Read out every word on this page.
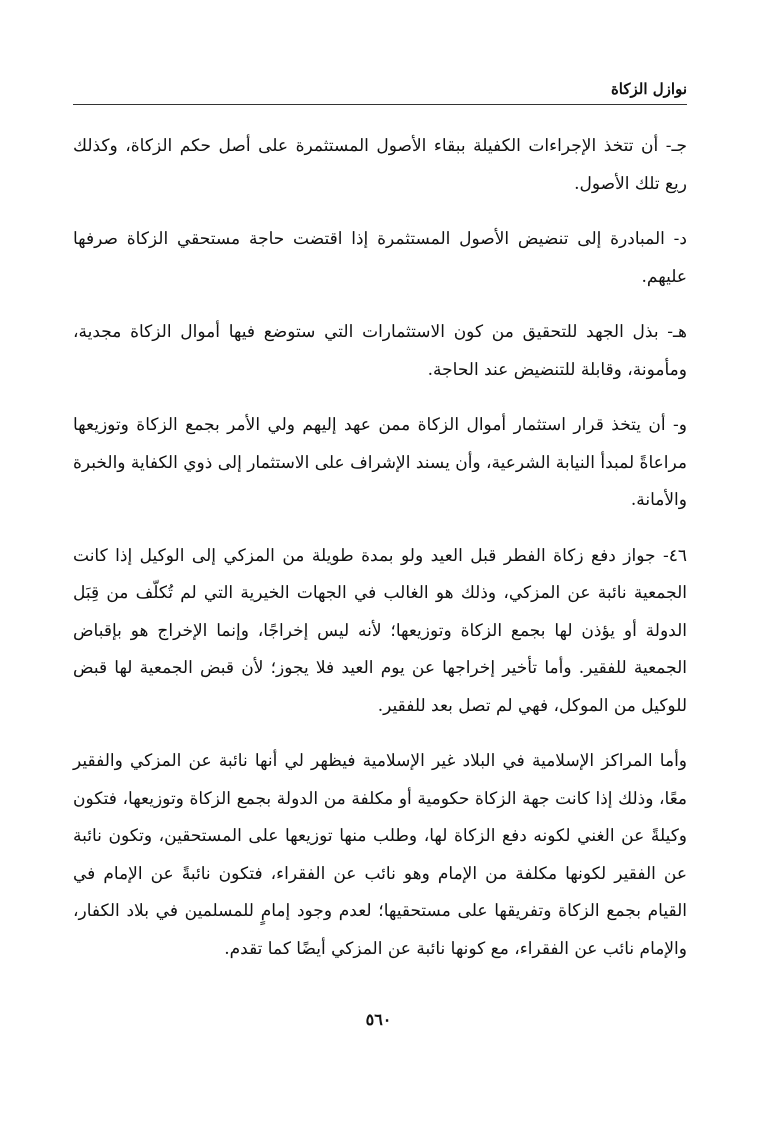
نوازل الزكاة

جـ- أن تتخذ الإجراءات الكفيلة ببقاء الأصول المستثمرة على أصل حكم الزكاة، وكذلك ريع تلك الأصول.

د- المبادرة إلى تنضيض الأصول المستثمرة إذا اقتضت حاجة مستحقي الزكاة صرفها عليهم.

هـ- بذل الجهد للتحقيق من كون الاستثمارات التي ستوضع فيها أموال الزكاة مجدية، ومأمونة، وقابلة للتنضيض عند الحاجة.

و- أن يتخذ قرار استثمار أموال الزكاة ممن عهد إليهم ولي الأمر بجمع الزكاة وتوزيعها مراعاةً لمبدأ النيابة الشرعية، وأن يسند الإشراف على الاستثمار إلى ذوي الكفاية والخبرة والأمانة.

٤٦- جواز دفع زكاة الفطر قبل العيد ولو بمدة طويلة من المزكي إلى الوكيل إذا كانت الجمعية نائبة عن المزكي، وذلك هو الغالب في الجهات الخيرية التي لم تُكلّف من قِبَل الدولة أو يؤذن لها بجمع الزكاة وتوزيعها؛ لأنه ليس إخراجًا، وإنما الإخراج هو بإقباض الجمعية للفقير. وأما تأخير إخراجها عن يوم العيد فلا يجوز؛ لأن قبض الجمعية لها قبض للوكيل من الموكل، فهي لم تصل بعد للفقير.

وأما المراكز الإسلامية في البلاد غير الإسلامية فيظهر لي أنها نائبة عن المزكي والفقير معًا، وذلك إذا كانت جهة الزكاة حكومية أو مكلفة من الدولة بجمع الزكاة وتوزيعها، فتكون وكيلةً عن الغني لكونه دفع الزكاة لها، وطلب منها توزيعها على المستحقين، وتكون نائبة عن الفقير لكونها مكلفة من الإمام وهو نائب عن الفقراء، فتكون نائبةً عن الإمام في القيام بجمع الزكاة وتفريقها على مستحقيها؛ لعدم وجود إمامٍ للمسلمين في بلاد الكفار، والإمام نائب عن الفقراء، مع كونها نائبة عن المزكي أيضًا كما تقدم.

٥٦٠
